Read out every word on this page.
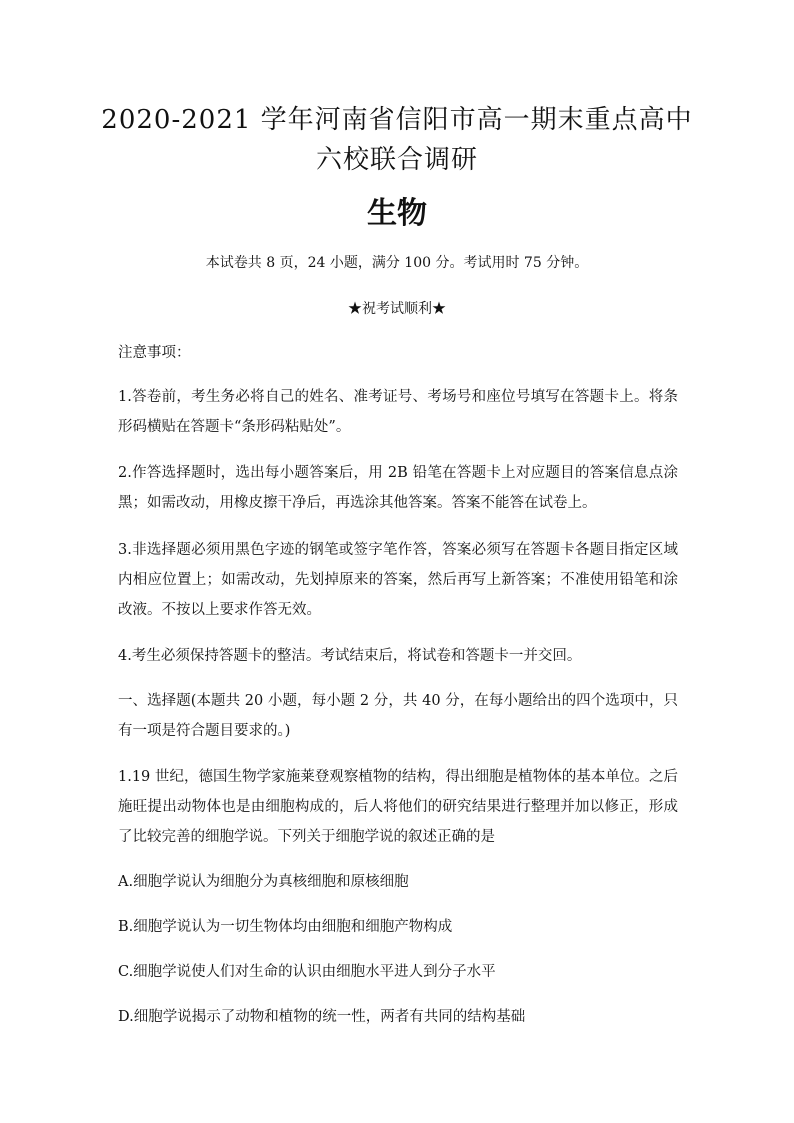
2020-2021 学年河南省信阳市高一期末重点高中六校联合调研
生物
本试卷共 8 页，24 小题，满分 100 分。考试用时 75 分钟。
★祝考试顺利★
注意事项：
1.答卷前，考生务必将自己的姓名、准考证号、考场号和座位号填写在答题卡上。将条形码横贴在答题卡“条形码粘贴处”。
2.作答选择题时，选出每小题答案后，用 2B 铅笔在答题卡上对应题目的答案信息点涂黑；如需改动，用橡皮擦干净后，再选涂其他答案。答案不能答在试卷上。
3.非选择题必须用黑色字迹的钢笔或签字笔作答，答案必须写在答题卡各题目指定区域内相应位置上；如需改动，先划掉原来的答案，然后再写上新答案；不准使用铅笔和涂改液。不按以上要求作答无效。
4.考生必须保持答题卡的整洁。考试结束后，将试卷和答题卡一并交回。
一、选择题(本题共 20 小题，每小题 2 分，共 40 分，在每小题给出的四个选项中，只有一项是符合题目要求的。)
1.19 世纪，德国生物学家施莱登观察植物的结构，得出细胞是植物体的基本单位。之后施旺提出动物体也是由细胞构成的，后人将他们的研究结果进行整理并加以修正，形成了比较完善的细胞学说。下列关于细胞学说的叙述正确的是
A.细胞学说认为细胞分为真核细胞和原核细胞
B.细胞学说认为一切生物体均由细胞和细胞产物构成
C.细胞学说使人们对生命的认识由细胞水平进人到分子水平
D.细胞学说揭示了动物和植物的统一性，两者有共同的结构基础
